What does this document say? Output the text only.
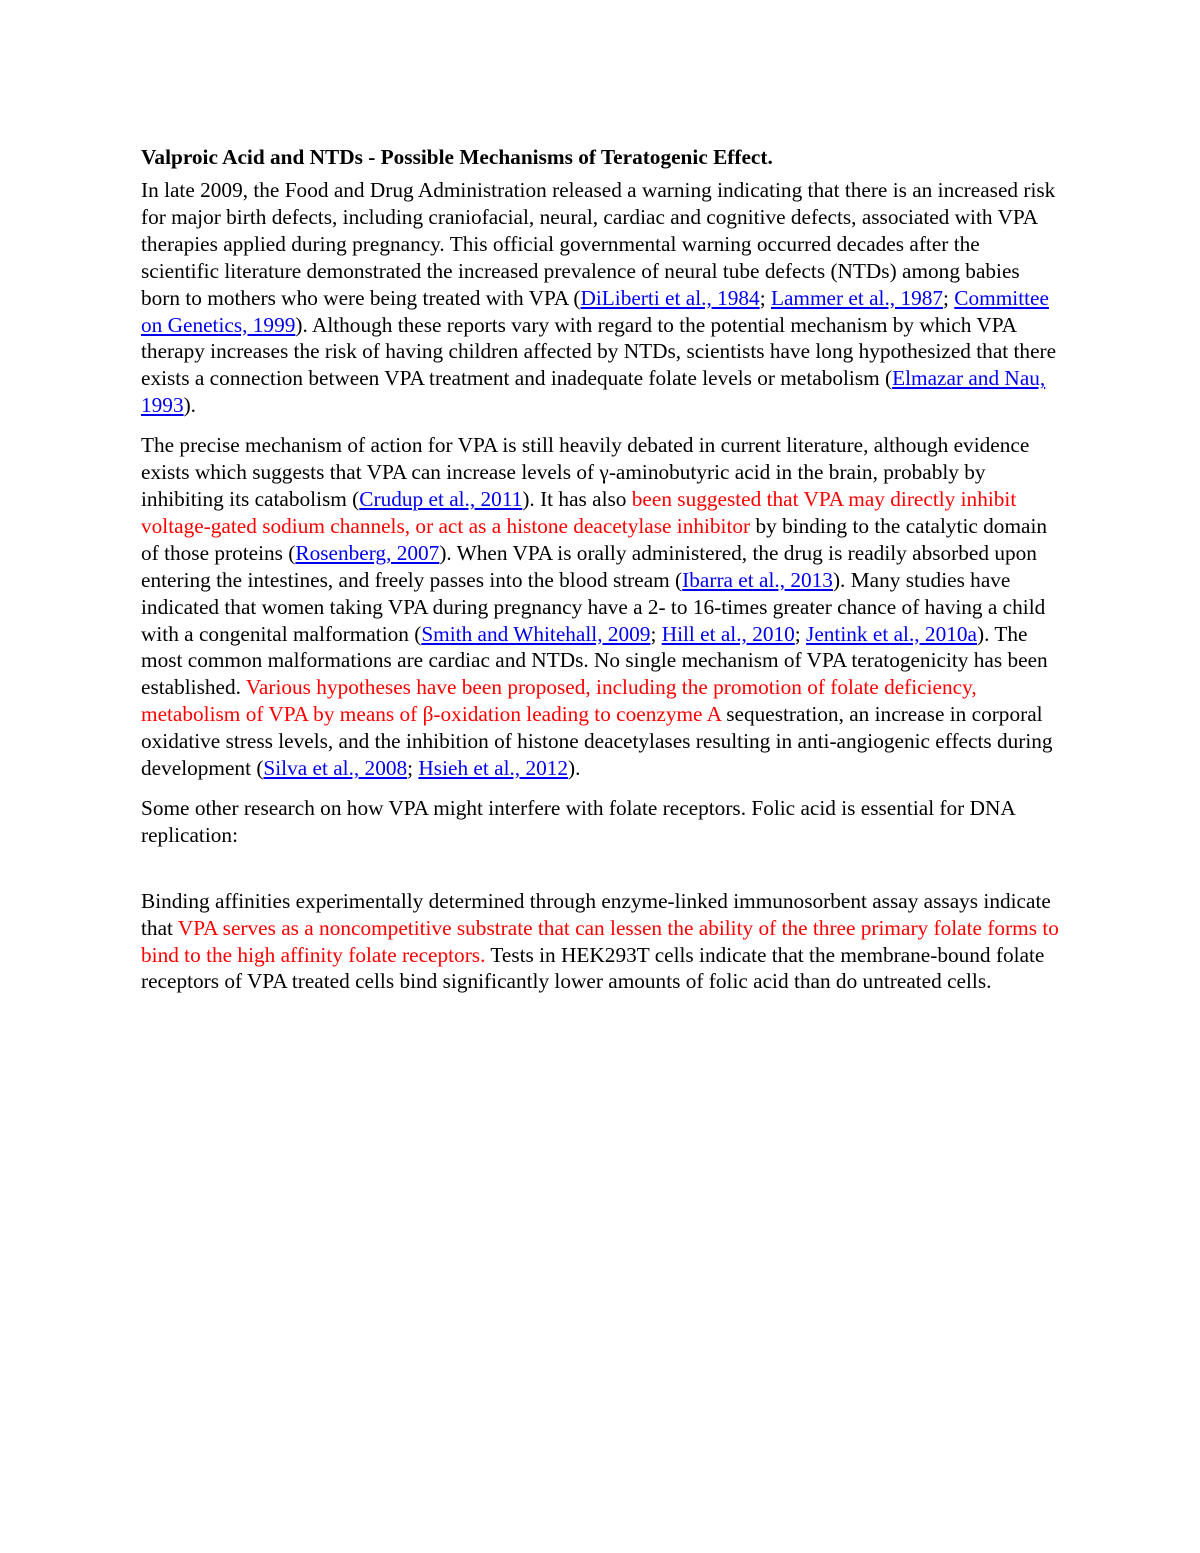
Valproic Acid and NTDs - Possible Mechanisms of Teratogenic Effect.

In late 2009, the Food and Drug Administration released a warning indicating that there is an increased risk for major birth defects, including craniofacial, neural, cardiac and cognitive defects, associated with VPA therapies applied during pregnancy. This official governmental warning occurred decades after the scientific literature demonstrated the increased prevalence of neural tube defects (NTDs) among babies born to mothers who were being treated with VPA (DiLiberti et al., 1984; Lammer et al., 1987; Committee on Genetics, 1999). Although these reports vary with regard to the potential mechanism by which VPA therapy increases the risk of having children affected by NTDs, scientists have long hypothesized that there exists a connection between VPA treatment and inadequate folate levels or metabolism (Elmazar and Nau, 1993).

The precise mechanism of action for VPA is still heavily debated in current literature, although evidence exists which suggests that VPA can increase levels of γ-aminobutyric acid in the brain, probably by inhibiting its catabolism (Crudup et al., 2011). It has also been suggested that VPA may directly inhibit voltage-gated sodium channels, or act as a histone deacetylase inhibitor by binding to the catalytic domain of those proteins (Rosenberg, 2007). When VPA is orally administered, the drug is readily absorbed upon entering the intestines, and freely passes into the blood stream (Ibarra et al., 2013). Many studies have indicated that women taking VPA during pregnancy have a 2- to 16-times greater chance of having a child with a congenital malformation (Smith and Whitehall, 2009; Hill et al., 2010; Jentink et al., 2010a). The most common malformations are cardiac and NTDs. No single mechanism of VPA teratogenicity has been established. Various hypotheses have been proposed, including the promotion of folate deficiency, metabolism of VPA by means of β-oxidation leading to coenzyme A sequestration, an increase in corporal oxidative stress levels, and the inhibition of histone deacetylases resulting in anti-angiogenic effects during development (Silva et al., 2008; Hsieh et al., 2012).

Some other research on how VPA might interfere with folate receptors. Folic acid is essential for DNA replication:

Binding affinities experimentally determined through enzyme-linked immunosorbent assay assays indicate that VPA serves as a noncompetitive substrate that can lessen the ability of the three primary folate forms to bind to the high affinity folate receptors. Tests in HEK293T cells indicate that the membrane-bound folate receptors of VPA treated cells bind significantly lower amounts of folic acid than do untreated cells.
